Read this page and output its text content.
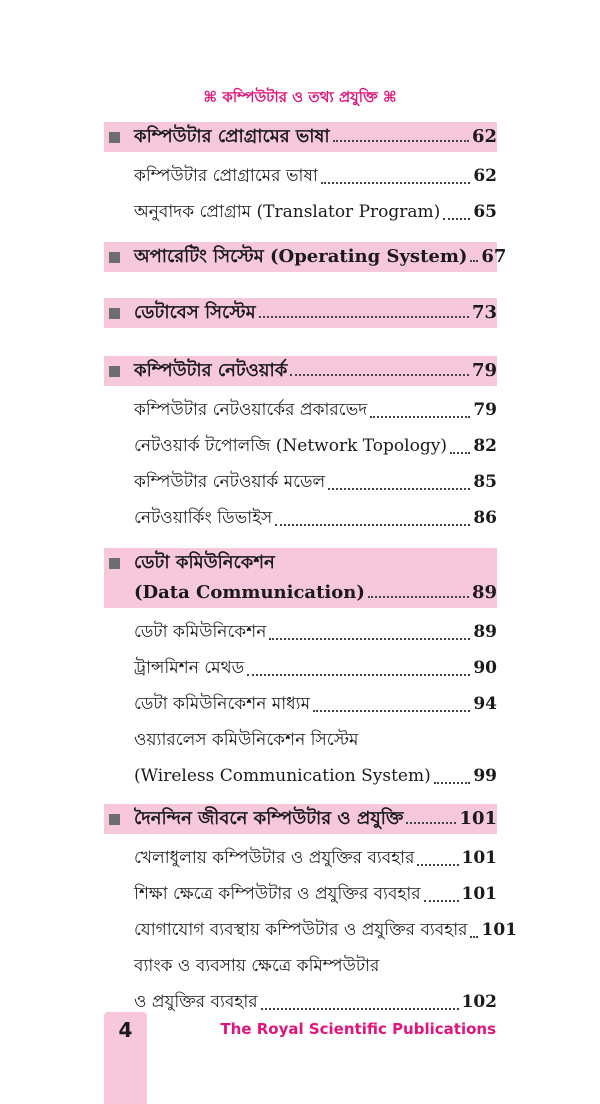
⌘ কম্পিউটার ও তথ্য প্রযুক্তি ⌘
কম্পিউটার প্রোগ্রামের ভাষা	62
কম্পিউটার প্রোগ্রামের ভাষা	62
অনুবাদক প্রোগ্রাম (Translator Program) 65
অপারেটিং সিস্টেম (Operating System) 67
ডেটাবেস সিস্টেম	73
কম্পিউটার নেটওয়ার্ক	79
কম্পিউটার নেটওয়ার্কের প্রকারভেদ	79
নেটওয়ার্ক টপোলজি (Network Topology) 82
কম্পিউটার নেটওয়ার্ক মডেল	85
নেটওয়ার্কিং ডিভাইস	86
ডেটা কমিউনিকেশন
(Data Communication)	89
ডেটা কমিউনিকেশন	89
ট্রান্সমিশন মেথড	90
ডেটা কমিউনিকেশন মাধ্যম	94
ওয়্যারলেস কমিউনিকেশন সিস্টেম
(Wireless Communication System)	99
দৈনন্দিন জীবনে কম্পিউটার ও প্রযুক্তি	101
খেলাধুলায় কম্পিউটার ও প্রযুক্তির ব্যবহার	101
শিক্ষা ক্ষেত্রে কম্পিউটার ও প্রযুক্তির ব্যবহার 101
যোগাযোগ ব্যবস্থায় কম্পিউটার ও প্রযুক্তির ব্যবহার 101
ব্যাংক ও ব্যবসায় ক্ষেত্রে কমিম্পউটার
ও প্রযুক্তির ব্যবহার	102
4	The Royal Scientific Publications
